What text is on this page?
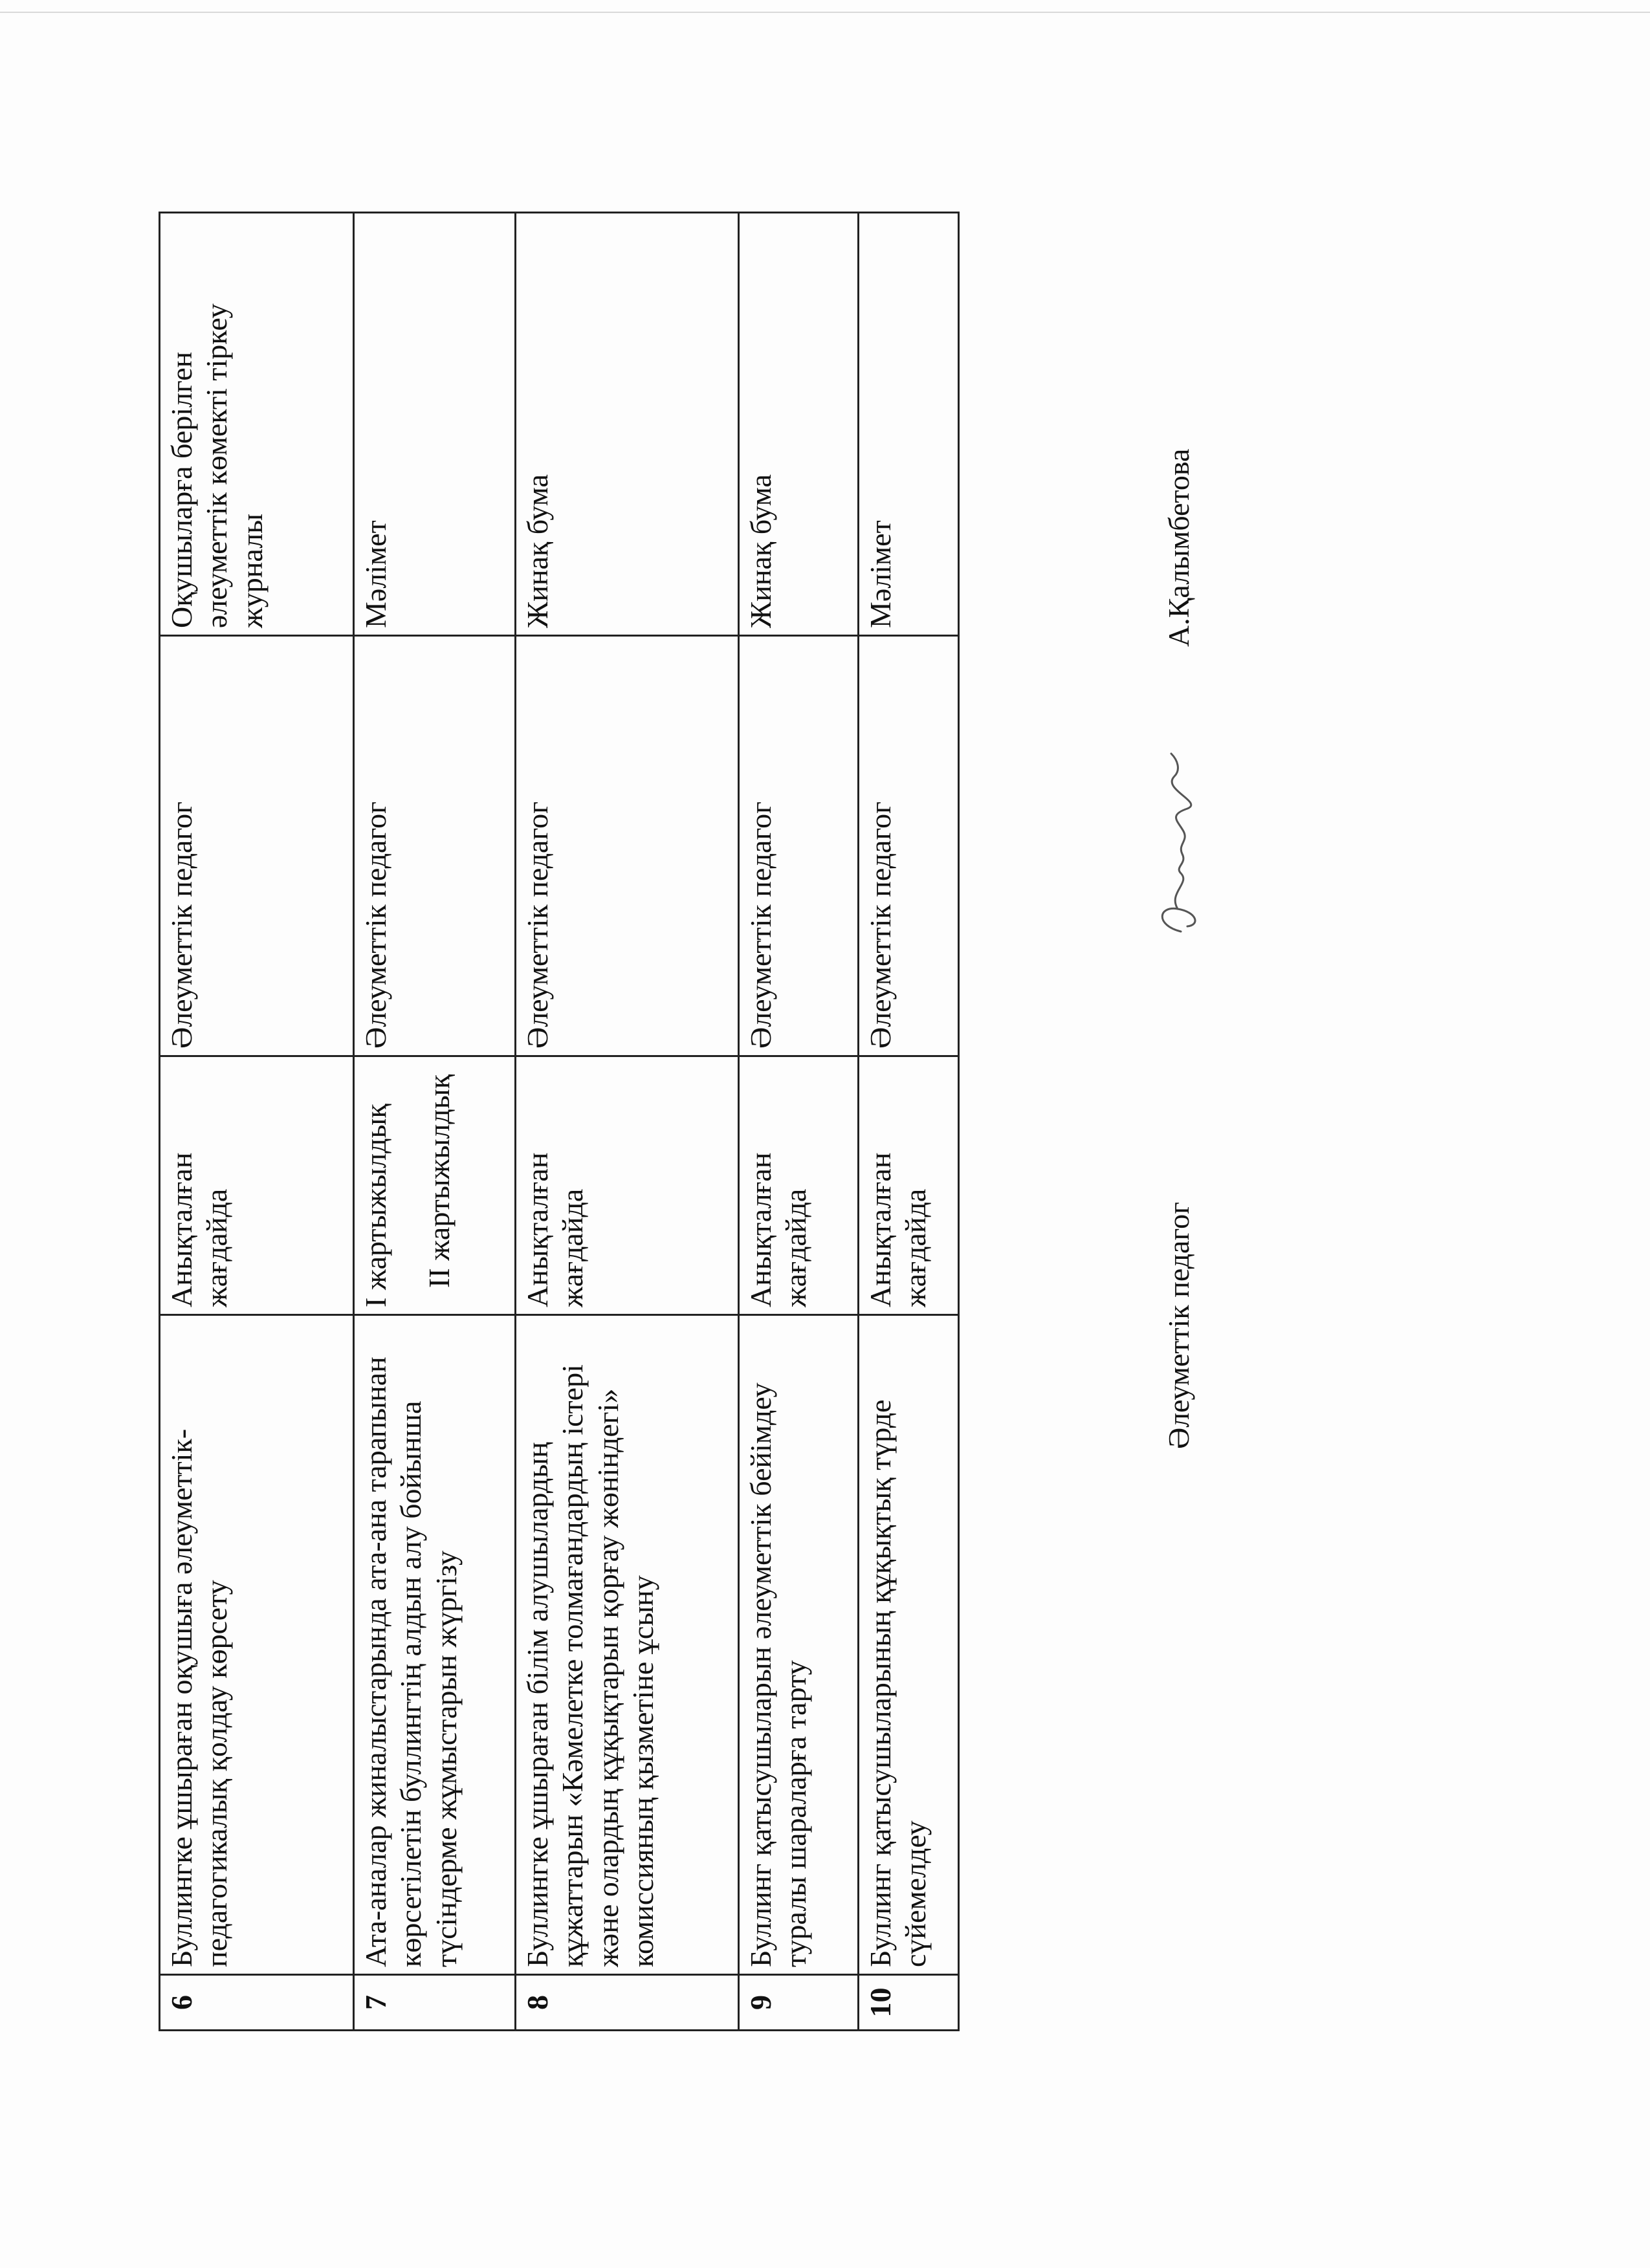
6	Буллингке ұшыраған оқушыға әлеуметтік-педагогикалық қолдау көрсету	Анықталған жағдайда	Әлеуметтік педагог	Оқушыларға берілген әлеуметтік көмекті тіркеу журналы
7	Ата-аналар жиналыстарында ата-ана тарапынан көрсетілетін буллингтің алдын алу бойынша түсіндерме жұмыстарын жүргізу	І жартыжылдық ІІ жартыжылдық	Әлеуметтік педагог	Мәлімет
8	Буллингке ұшыраған білім алушылардың құжаттарын «Кәмелетке толмағандардың істері және олардың құқықтарын қорғау жөніндегі» комиссияның қызметіне ұсыну	Анықталған жағдайда	Әлеуметтік педагог	Жинақ бума
9	Буллинг қатысушыларын әлеуметтік бейімдеу туралы шараларға тарту	Анықталған жағдайда	Әлеуметтік педагог	Жинақ бума
10	Буллинг қатысушыларының құқықтық түрде сүйемелдеу	Анықталған жағдайда	Әлеуметтік педагог	Мәлімет
Әлеуметтік педагог
А.Қалымбетова
